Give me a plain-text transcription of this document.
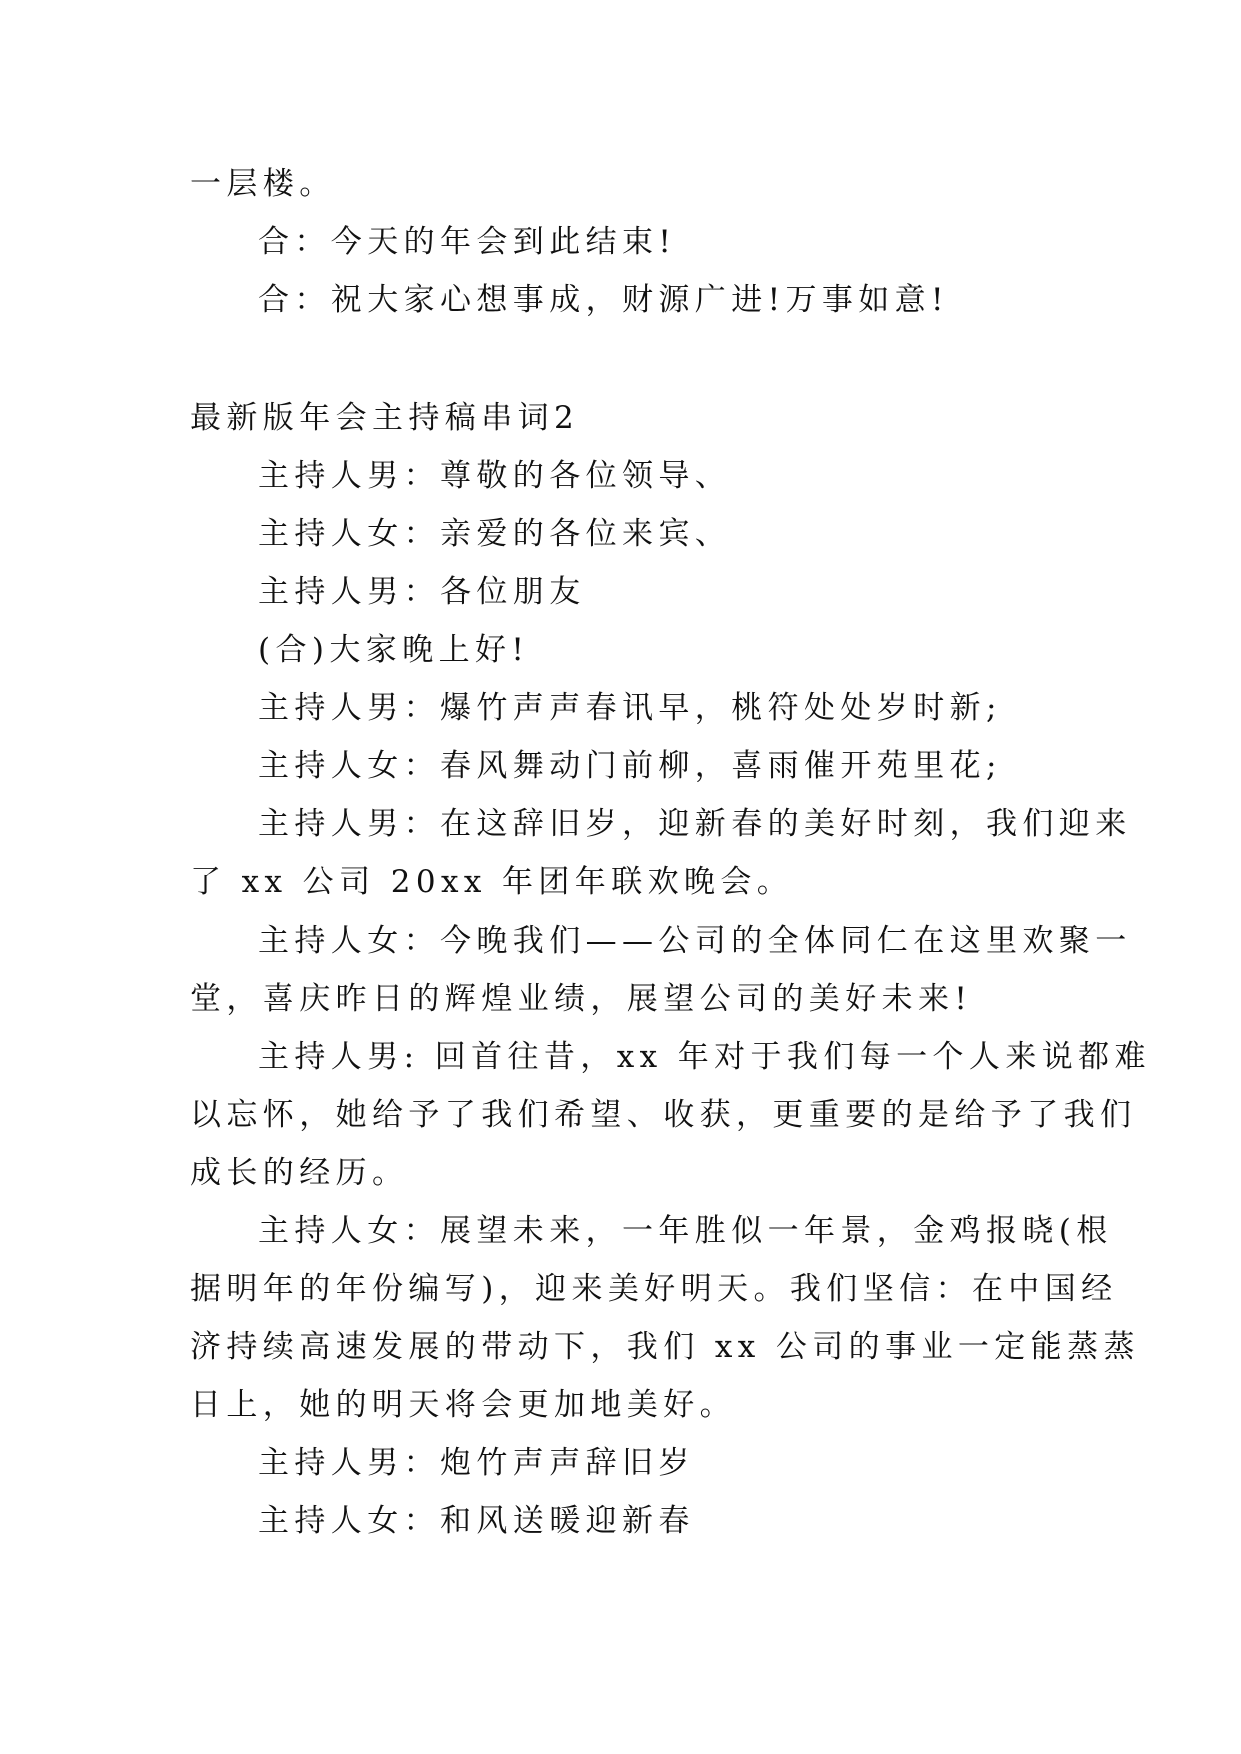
一层楼。
合：今天的年会到此结束!
合：祝大家心想事成，财源广进!万事如意!
最新版年会主持稿串词2
主持人男：尊敬的各位领导、
主持人女：亲爱的各位来宾、
主持人男：各位朋友
(合)大家晚上好!
主持人男：爆竹声声春讯早，桃符处处岁时新;
主持人女：春风舞动门前柳，喜雨催开苑里花;
主持人男：在这辞旧岁，迎新春的美好时刻，我们迎来
了 xx 公司 20xx 年团年联欢晚会。
主持人女：今晚我们——公司的全体同仁在这里欢聚一
堂，喜庆昨日的辉煌业绩，展望公司的美好未来!
主持人男: 回首往昔，xx 年对于我们每一个人来说都难
以忘怀，她给予了我们希望、收获，更重要的是给予了我们
成长的经历。
主持人女：展望未来，一年胜似一年景，金鸡报晓(根
据明年的年份编写)，迎来美好明天。我们坚信：在中国经
济持续高速发展的带动下，我们 xx 公司的事业一定能蒸蒸
日上，她的明天将会更加地美好。
主持人男：炮竹声声辞旧岁
主持人女：和风送暖迎新春
